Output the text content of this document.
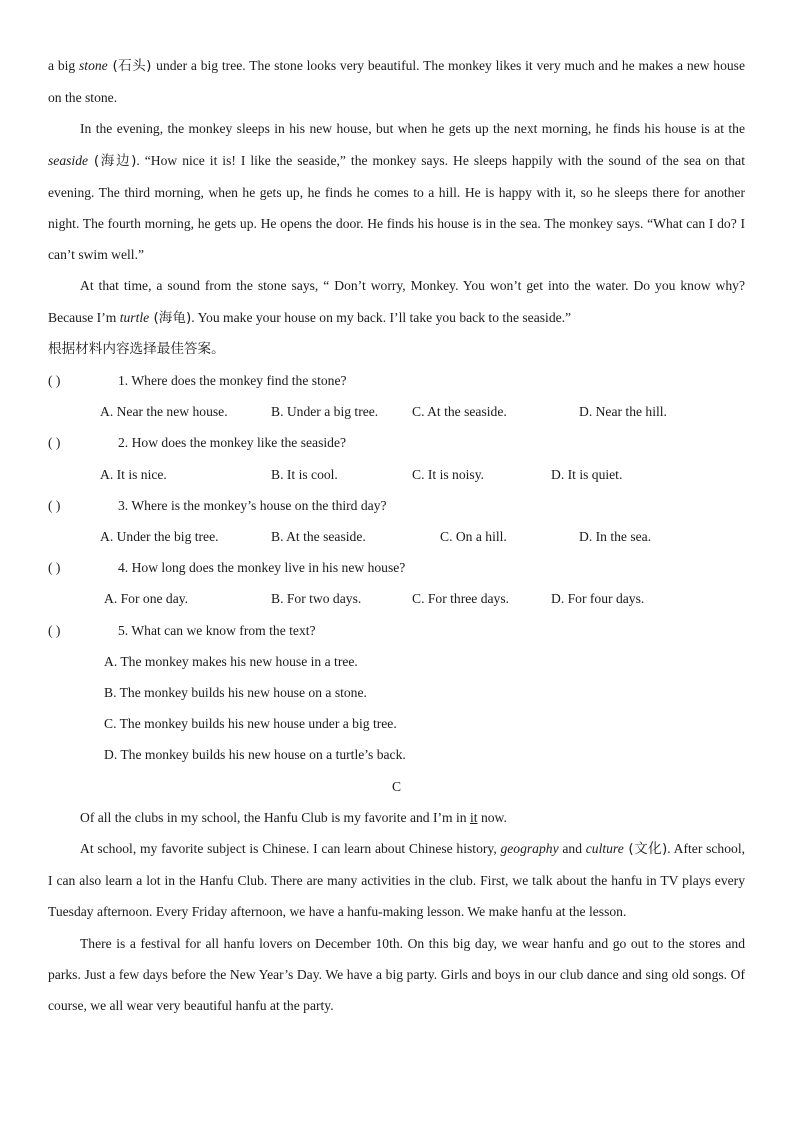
a big stone (石头) under a big tree. The stone looks very beautiful. The monkey likes it very much and he makes a new house on the stone.

In the evening, the monkey sleeps in his new house, but when he gets up the next morning, he finds his house is at the seaside (海边). “How nice it is! I like the seaside,” the monkey says. He sleeps happily with the sound of the sea on that evening. The third morning, when he gets up, he finds he comes to a hill. He is happy with it, so he sleeps there for another night. The fourth morning, he gets up. He opens the door. He finds his house is in the sea. The monkey says. “What can I do? I can’t swim well.”

At that time, a sound from the stone says, “ Don’t worry, Monkey. You won’t get into the water. Do you know why? Because I’m turtle (海龟). You make your house on my back. I’ll take you back to the seaside.”

根据材料内容选择最佳答案。

( )	1. Where does the monkey find the stone?

A. Near the new house.	B. Under a big tree. C. At the seaside.	D. Near the hill.

( )	2. How does the monkey like the seaside?

A. It is nice.	B. It is cool.	C. It is noisy.	D. It is quiet.

( )	3. Where is the monkey’s house on the third day?

A. Under the big tree.	B. At the seaside.	C. On a hill.	D. In the sea.

( )	4. How long does the monkey live in his new house?

A. For one day.	B. For two days.	C. For three days.	D. For four days.

( )	5. What can we know from the text?

A. The monkey makes his new house in a tree.

B. The monkey builds his new house on a stone.

C. The monkey builds his new house under a big tree.

D. The monkey builds his new house on a turtle’s back.

C

Of all the clubs in my school, the Hanfu Club is my favorite and I’m in it now.

At school, my favorite subject is Chinese. I can learn about Chinese history, geography and culture (文化). After school, I can also learn a lot in the Hanfu Club. There are many activities in the club. First, we talk about the hanfu in TV plays every Tuesday afternoon. Every Friday afternoon, we have a hanfu-making lesson. We make hanfu at the lesson.

There is a festival for all hanfu lovers on December 10th. On this big day, we wear hanfu and go out to the stores and parks. Just a few days before the New Year’s Day. We have a big party. Girls and boys in our club dance and sing old songs. Of course, we all wear very beautiful hanfu at the party.
